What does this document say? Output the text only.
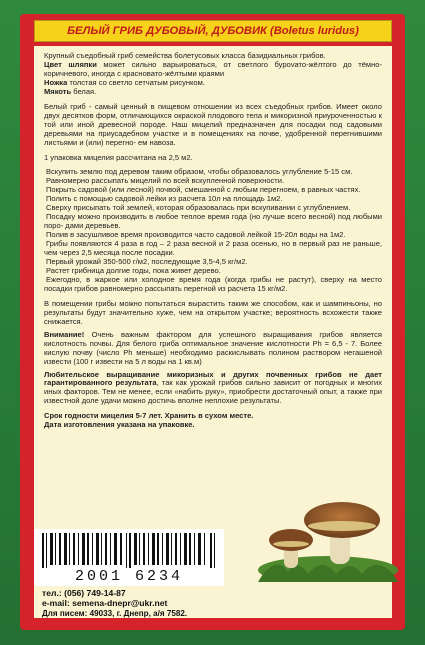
БЕЛЫЙ ГРИБ ДУБОВЫЙ, ДУБОВИК (Boletus luridus)
Крупный съедобный гриб семейства болетусовых класса базидиальных грибов.
Цвет шляпки может сильно варьироваться, от светлого бурovато-жёлтого до тёмно-коричневого, иногда с красновато-жёлтыми краями
Ножка толстая со светло сетчатым рисунком.
Мякоть белая.
Белый гриб - самый ценный в пищевом отношении из всех съедобных грибов. Имеет около двух десятков форм, отличающихся окраской плодового тела и микоризной приуроченностью к той или иной древесной породе. Наш мицелий предназначен для посадки под садовыми деревьями на приусадебном участке и в помещениях на почве, удобренной перегнившими листьями и (или) перегно- ем навоза.
1 упаковка мицелия рассчитана на 2,5 м2.
Вскупить землю под деревом таким образом, чтобы образовалось углубление 5-15 см.
Равномерно рассыпать мицелий по всей вскупленной поверхности.
Покрыть садовой (или лесной) почвой, смешанной с любым перегноем, в равных частях.
Полить с помощью садовой лейки из расчета 10л на площадь 1м2.
Сверху присыпать той землей, которая образовалась при вскупивании с углублением.
Посадку можно производить в любое теплое время года (но лучше всего весной) под любыми поро- дами деревьев.
Полив в засушливое время производится часто садовой лейкой 15-20л воды на 1м2.
Грибы появляются 4 раза в год – 2 раза весной и 2 раза осенью, но в первый раз не раньше, чем через 2,5 месяца после посадки.
Первый урожай 350-500 г/м2, последующие 3,5-4,5 кг/м2.
Растет грибница долгие годы, пока живет дерево.
Ежегодно, в жаркое или холодное время года (когда грибы не растут), сверху на место посадки грибов равномерно рассыпать перегной из расчета 15 кг/м2.
В помещении грибы можно попытаться вырастить таким же способом, как и шампиньоны, но результаты будут значительно хуже, чем на открытом участке; вероятность всхожести также снижается.
Внимание! Очень важным фактором для успешного выращивания грибов является кислотность почвы. Для белого гриба оптимальное значение кислотности Рh = 6,5 - 7. Более кислую почву (число Рh меньше) необходимо раскислывать полином раствором негашеной извести (100 г извести на 5 л воды на 1 кв.м)
Любительское выращивание микоризных и других почвенных грибов не дает гарантированного результата, так как урожай грибов сильно зависит от погодных и многих иных факторов. Тем не менее, если «набить руку», приобрести достаточный опыт, а также при известной доле удачи можно достичь вполне неплохие результаты.
Срок годности мицелия 5-7 лет. Хранить в сухом месте.
Дата изготовления указана на упаковке.
2001 6234
тел.: (056) 749-14-87
e-mail: semena-dnepr@ukr.net
Для писем: 49033, г. Днепр, а/я 7582.
